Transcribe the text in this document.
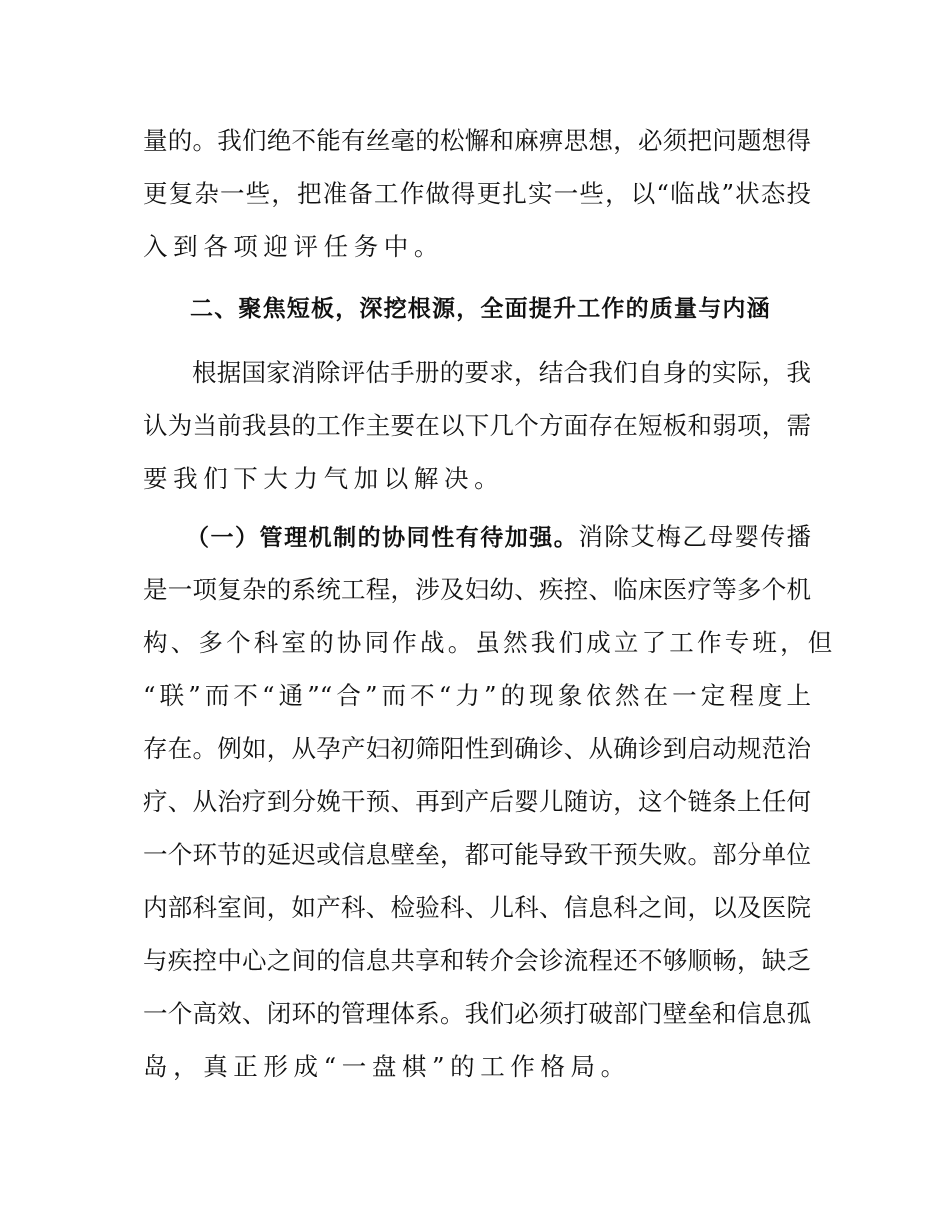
量的。我们绝不能有丝毫的松懈和麻痹思想，必须把问题想得
更复杂一些，把准备工作做得更扎实一些，以“临战”状态投
入到各项迎评任务中。
二、聚焦短板，深挖根源，全面提升工作的质量与内涵
根据国家消除评估手册的要求，结合我们自身的实际，我
认为当前我县的工作主要在以下几个方面存在短板和弱项，需
要我们下大力气加以解决。
（一）管理机制的协同性有待加强。消除艾梅乙母婴传播
是一项复杂的系统工程，涉及妇幼、疾控、临床医疗等多个机
构、多个科室的协同作战。虽然我们成立了工作专班，但
“联”而不“通”“合”而不“力”的现象依然在一定程度上
存在。例如，从孕产妇初筛阳性到确诊、从确诊到启动规范治
疗、从治疗到分娩干预、再到产后婴儿随访，这个链条上任何
一个环节的延迟或信息壁垒，都可能导致干预失败。部分单位
内部科室间，如产科、检验科、儿科、信息科之间，以及医院
与疾控中心之间的信息共享和转介会诊流程还不够顺畅，缺乏
一个高效、闭环的管理体系。我们必须打破部门壁垒和信息孤
岛，真正形成“一盘棋”的工作格局。
